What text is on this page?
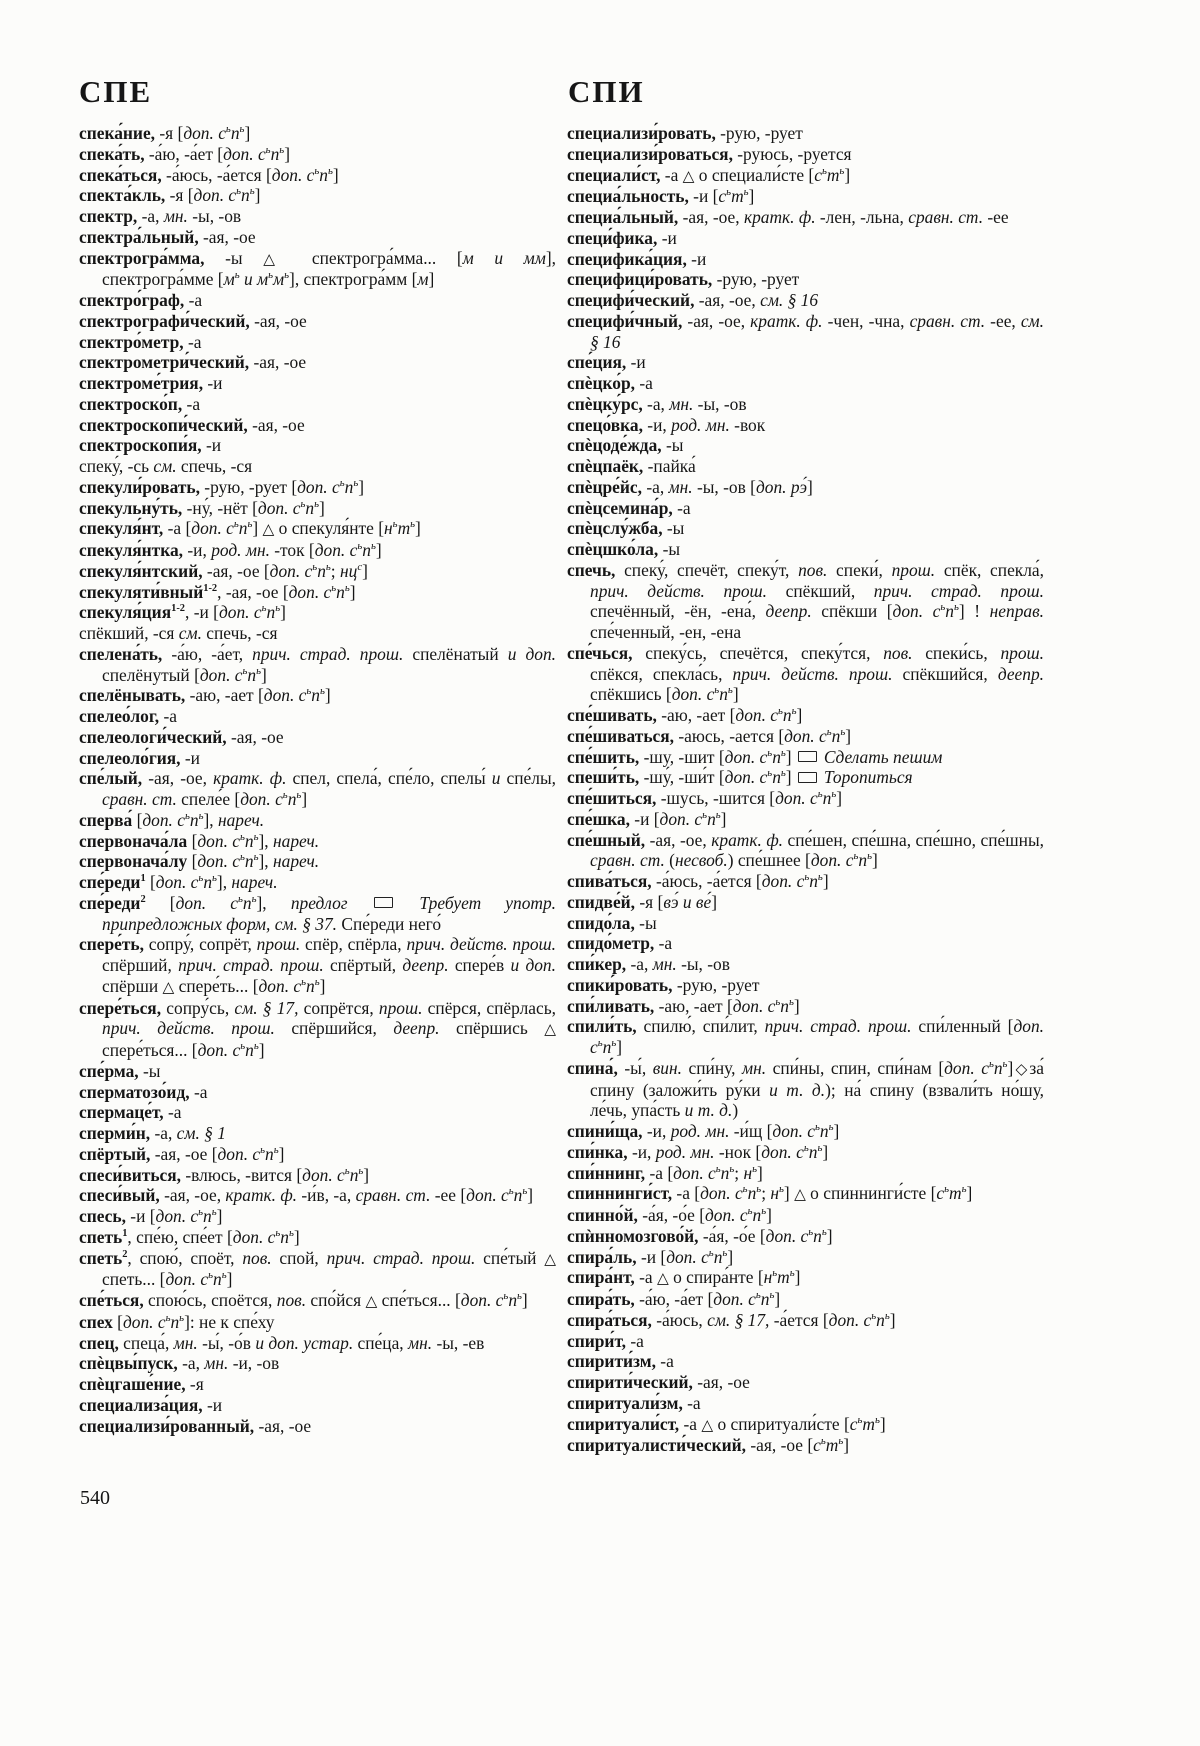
СПЕ	СПИ

спека́ние, -я [доп. $с^ьп^ь$]

спека́ть, -а́ю, -а́ет [доп. $с^ьп^ь$]

спека́ться, -а́юсь, -а́ется [доп. $с^ьп^ь$]

спекта́кль, -я [доп. $с^ьп^ь$]

спектр, -а, мн. -ы, -ов

спектра́льный, -ая, -ое

спектрогра́мма, -ы △ спектрогра́мма... [м и мм], спектрогра́мме [$м^ь$ и $м^ьм^ь$], спектрогра́мм [м]

спектро́граф, -а

спектрографи́ческий, -ая, -ое

спектро́метр, -а

спектрометри́ческий, -ая, -ое

спектроме́трия, -и

спектроско́п, -а

спектроскопи́ческий, -ая, -ое

спектроскопи́я, -и

спеку́, -сь см. спечь, -ся

спекули́ровать, -рую, -рует [доп. $с^ьп^ь$]

спекульну́ть, -ну́, -нёт [доп. $с^ьп^ь$]

спекуля́нт, -а [доп. $с^ьп^ь$] △ о спекуля́нте $[н^ьт^ь]$

спекуля́нтка, -и, род. мн. -ток [доп. $с^ьп^ь$]

спекуля́нтский, -ая, -ое [доп. $с^ьп^ь$; $нц^с$]

спекуляти́вный$^{1-2}$, -ая, -ое [доп. $с^ьп^ь$]

спекуля́ция$^{1-2}$, -и [доп. $с^ьп^ь$]

спёкший, -ся см. спечь, -ся

спелена́ть, -а́ю, -а́ет, прич. страд. прош. спелёнатый и доп. спелёнутый [доп. $с^ьп^ь$]

спелёнывать, -аю, -ает [доп. $с^ьп^ь$]

спелео́лог, -а

спелеологи́ческий, -ая, -ое

спелеоло́гия, -и

спе́лый, -ая, -ое, кратк. ф. спел, спела́, спе́ло, спелы́ и спе́лы, сравн. ст. спеле́е [доп. $с^ьп^ь$]

сперва́ [доп. $с^ьп^ь$], нареч.

спервонача́ла [доп. $с^ьп^ь$], нареч.

спервонача́лу [доп. $с^ьп^ь$], нареч.

спе́реди$^1$ [доп. $с^ьп^ь$], нареч.

спе́реди$^2$ [доп. $с^ьп^ь$], предлог	Требует употр. припредложных форм, см. § 37. Спе́реди него́

спере́ть, сопру́, сопрёт, прош. спёр, спёрла, прич. действ. прош. спёрший, прич. страд. прош. спёртый, деепр. спере́в и доп. спёрши △ спере́ть... [доп. $с^ьп^ь$]

спере́ться, сопру́сь, см. § 17, сопрётся, прош. спёрся, спёрлась, прич. действ. прош. спёршийся, деепр. спёршись △ спере́ться... [доп. $с^ьп^ь$]

спе́рма, -ы

сперматозо́ид, -а

спермаце́т, -а

сперми́н, -а, см. § 1

спёртый, -ая, -ое [доп. $с^ьп^ь$]

спеси́виться, -влюсь, -вится [доп. $с^ьп^ь$]

спеси́вый, -ая, -ое, кратк. ф. -и́в, -а, сравн. ст. -ее [доп. $с^ьп^ь$]

спесь, -и [доп. $с^ьп^ь$]

спеть$^1$, спе́ю, спе́ет [доп. $с^ьп^ь$]

спеть$^2$, спою́, споёт, пов. спой, прич. страд. прош. спе́тый △ спеть... [доп. $с^ьп^ь$]

спе́ться, спою́сь, споётся, пов. спо́йся △ спе́ться... [доп. $с^ьп^ь$]

спех [доп. $с^ьп^ь$]: не к спе́ху

спец, спеца́, мн. -ы́, -о́в и доп. устар. спе́ца, мн. -ы, -ев

спѐцвы́пуск, -а, мн. -и, -ов

спѐцгаше́ние, -я

специализа́ция, -и

специализи́рованный, -ая, -ое

специализи́ровать, -рую, -рует

специализи́роваться, -руюсь, -руется

специали́ст, -а △ о специали́сте $[с^ьт^ь]$

специа́льность, -и $[с^ьт^ь]$

специа́льный, -ая, -ое, кратк. ф. -лен, -льна, сравн. ст. -ее

специ́фика, -и

специфика́ция, -и

специфици́ровать, -рую, -рует

специфи́ческий, -ая, -ое, см. § 16

специфи́чный, -ая, -ое, кратк. ф. -чен, -чна, сравн. ст. -ее, см. § 16

спе́ция, -и

спѐцко́р, -а

спѐцку́рс, -а, мн. -ы, -ов

спецо́вка, -и, род. мн. -вок

спѐцоде́жда, -ы

спѐцпаёк, -пайка́

спѐцре́йс, -а, мн. -ы, -ов [доп. рэ́]

спѐцсемина́р, -а

спѐцслу́жба, -ы

спѐцшко́ла, -ы

спечь, спеку́, спечёт, спеку́т, пов. спеки́, прош. спёк, спекла́, прич. действ. прош. спёкший, прич. страд. прош. спечённый, -ён, -ена́, деепр. спёкши [доп. $с^ьп^ь$] ! неправ. спе́ченный, -ен, -ена

спе́чься, спеку́сь, спечётся, спеку́тся, пов. спеки́сь, прош. спёкся, спекла́сь, прич. действ. прош. спёкшийся, деепр. спёкшись [доп. $с^ьп^ь$]

спе́шивать, -аю, -ает [доп. $с^ьп^ь$]

спе́шиваться, -аюсь, -ается [доп. $с^ьп^ь$]

спе́шить, -шу, -шит [доп. $с^ьп^ь$]  Сделать пешим

спеши́ть, -шу́, -ши́т [доп. $с^ьп^ь$]  Торопиться

спе́шиться, -шусь, -шится [доп. $с^ьп^ь$]

спе́шка, -и [доп. $с^ьп^ь$]

спе́шный, -ая, -ое, кратк. ф. спе́шен, спе́шна, спе́шно, спе́шны, сравн. ст. (несвоб.) спе́шнее [доп. $с^ьп^ь$]

спива́ться, -а́юсь, -а́ется [доп. $с^ьп^ь$]

спидве́й, -я [вэ́ и ве́]

спидо́ла, -ы

спидо́метр, -а

спи́кер, -а, мн. -ы, -ов

спики́ровать, -рую, -рует

спи́ливать, -аю, -ает [доп. $с^ьп^ь$]

спили́ть, спилю́, спи́лит, прич. страд. прош. спи́ленный [доп. $с^ьп^ь$]

спина́, -ы́, вин. спи́ну, мн. спи́ны, спин, спи́нам [доп. $с^ьп^ь]◇за́$ спину (заложи́ть ру́ки и т. д.); на́ спину (взвали́ть но́шу, ле́чь, упа́сть и т. д.)

спини́ща, -и, род. мн. -и́щ [доп. $с^ьп^ь$]

спи́нка, -и, род. мн. -нок [доп. $с^ьп^ь$]

спи́ннинг, -а [доп. $с^ьп^ь$; $н^ь$]

спиннинги́ст, -а [доп. $с^ьп^ь$; $н^ь$] △ о спиннинги́сте $[с^ьт^ь]$

спинно́й, -а́я, -о́е [доп. $с^ьп^ь$]

спѝнномозгово́й, -а́я, -о́е [доп. $с^ьп^ь$]

спира́ль, -и [доп. $с^ьп^ь$]

спира́нт, -а △ о спира́нте $[н^ьт^ь]$

спира́ть, -а́ю, -а́ет [доп. $с^ьп^ь$]

спира́ться, -а́юсь, см. § 17, -а́ется [доп. $с^ьп^ь$]

спири́т, -а

спирити́зм, -а

спирити́ческий, -ая, -ое

спиритуали́зм, -а

спиритуали́ст, -а △ о спиритуали́сте $[с^ьт^ь]$

спиритуалисти́ческий, -ая, -ое $[с^ьт^ь]$

540
